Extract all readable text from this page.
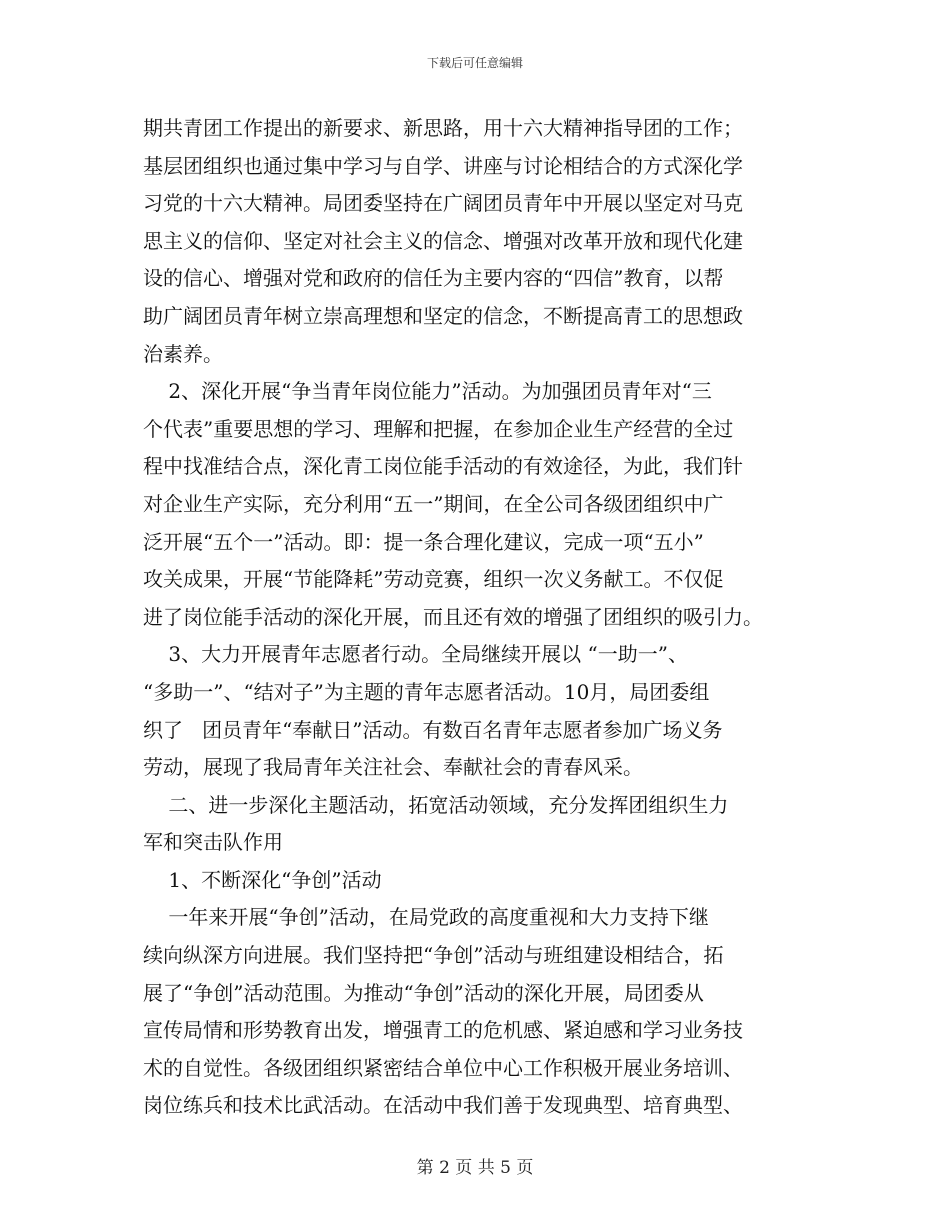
下载后可任意编辑
期共青团工作提出的新要求、新思路，用十六大精神指导团的工作；
基层团组织也通过集中学习与自学、讲座与讨论相结合的方式深化学
习党的十六大精神。局团委坚持在广阔团员青年中开展以坚定对马克
思主义的信仰、坚定对社会主义的信念、增强对改革开放和现代化建
设的信心、增强对党和政府的信任为主要内容的“四信”教育，以帮
助广阔团员青年树立崇高理想和坚定的信念，不断提高青工的思想政
治素养。
2、深化开展“争当青年岗位能力”活动。为加强团员青年对“三
个代表”重要思想的学习、理解和把握，在参加企业生产经营的全过
程中找准结合点，深化青工岗位能手活动的有效途径，为此，我们针
对企业生产实际，充分利用“五一”期间，在全公司各级团组织中广
泛开展“五个一”活动。即：提一条合理化建议，完成一项“五小”
攻关成果，开展“节能降耗”劳动竞赛，组织一次义务献工。不仅促
进了岗位能手活动的深化开展，而且还有效的增强了团组织的吸引力。
3、大力开展青年志愿者行动。全局继续开展以 “一助一”、
“多助一”、“结对子”为主题的青年志愿者活动。10月，局团委组
织了   团员青年“奉献日”活动。有数百名青年志愿者参加广场义务
劳动，展现了我局青年关注社会、奉献社会的青春风采。
二、进一步深化主题活动，拓宽活动领域，充分发挥团组织生力
军和突击队作用
1、不断深化“争创”活动
一年来开展“争创”活动，在局党政的高度重视和大力支持下继
续向纵深方向进展。我们坚持把“争创”活动与班组建设相结合，拓
展了“争创”活动范围。为推动“争创”活动的深化开展，局团委从
宣传局情和形势教育出发，增强青工的危机感、紧迫感和学习业务技
术的自觉性。各级团组织紧密结合单位中心工作积极开展业务培训、
岗位练兵和技术比武活动。在活动中我们善于发现典型、培育典型、
第 2 页 共 5 页
